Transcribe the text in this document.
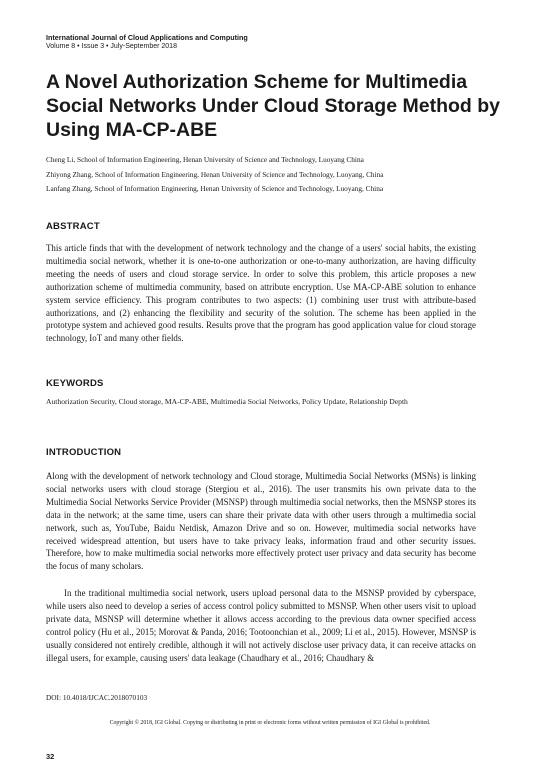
International Journal of Cloud Applications and Computing
Volume 8 • Issue 3 • July-September 2018
A Novel Authorization Scheme for Multimedia Social Networks Under Cloud Storage Method by Using MA-CP-ABE
Cheng Li, School of Information Engineering, Henan University of Science and Technology, Luoyang China
Zhiyong Zhang, School of Information Engineering, Henan University of Science and Technology, Luoyang, China
Lanfang Zhang, School of Information Engineering, Henan University of Science and Technology, Luoyang, China
ABSTRACT

This article finds that with the development of network technology and the change of a users' social habits, the existing multimedia social network, whether it is one-to-one authorization or one-to-many authorization, are having difficulty meeting the needs of users and cloud storage service. In order to solve this problem, this article proposes a new authorization scheme of multimedia community, based on attribute encryption. Use MA-CP-ABE solution to enhance system service efficiency. This program contributes to two aspects: (1) combining user trust with attribute-based authorizations, and (2) enhancing the flexibility and security of the solution. The scheme has been applied in the prototype system and achieved good results. Results prove that the program has good application value for cloud storage technology, IoT and many other fields.

KEYWORDS

Authorization Security, Cloud storage, MA-CP-ABE, Multimedia Social Networks, Policy Update, Relationship Depth

INTRODUCTION

Along with the development of network technology and Cloud storage, Multimedia Social Networks (MSNs) is linking social networks users with cloud storage (Stergiou et al., 2016). The user transmits his own private data to the Multimedia Social Networks Service Provider (MSNSP) through multimedia social networks, then the MSNSP stores its data in the network; at the same time, users can share their private data with other users through a multimedia social network, such as, YouTube, Baidu Netdisk, Amazon Drive and so on. However, multimedia social networks have received widespread attention, but users have to take privacy leaks, information fraud and other security issues. Therefore, how to make multimedia social networks more effectively protect user privacy and data security has become the focus of many scholars.

In the traditional multimedia social network, users upload personal data to the MSNSP provided by cyberspace, while users also need to develop a series of access control policy submitted to MSNSP. When other users visit to upload private data, MSNSP will determine whether it allows access according to the previous data owner specified access control policy (Hu et al., 2015; Morovat & Panda, 2016; Tootoonchian et al., 2009; Li et al., 2015). However, MSNSP is usually considered not entirely credible, although it will not actively disclose user privacy data, it can receive attacks on illegal users, for example, causing users' data leakage (Chaudhary et al., 2016; Chaudhary &

DOI: 10.4018/IJCAC.2018070103
Copyright © 2018, IGI Global. Copying or distributing in print or electronic forms without written permission of IGI Global is prohibited.
32
